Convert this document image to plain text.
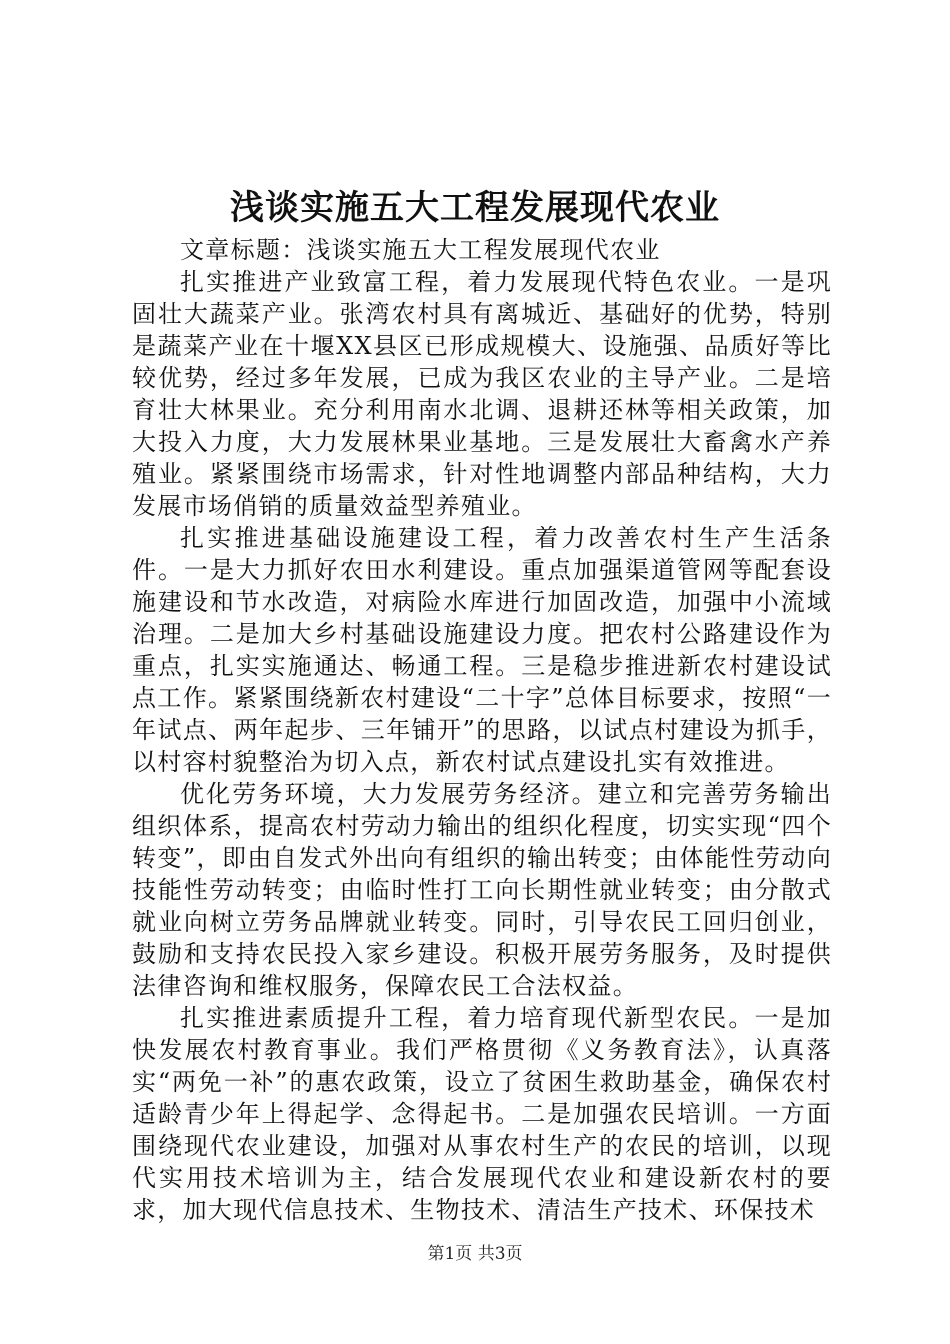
浅谈实施五大工程发展现代农业

文章标题：浅谈实施五大工程发展现代农业

扎实推进产业致富工程，着力发展现代特色农业。一是巩固壮大蔬菜产业。张湾农村具有离城近、基础好的优势，特别是蔬菜产业在十堰XX县区已形成规模大、设施强、品质好等比较优势，经过多年发展，已成为我区农业的主导产业。二是培育壮大林果业。充分利用南水北调、退耕还林等相关政策，加大投入力度，大力发展林果业基地。三是发展壮大畜禽水产养殖业。紧紧围绕市场需求，针对性地调整内部品种结构，大力发展市场俏销的质量效益型养殖业。

扎实推进基础设施建设工程，着力改善农村生产生活条件。一是大力抓好农田水利建设。重点加强渠道管网等配套设施建设和节水改造，对病险水库进行加固改造，加强中小流域治理。二是加大乡村基础设施建设力度。把农村公路建设作为重点，扎实实施通达、畅通工程。三是稳步推进新农村建设试点工作。紧紧围绕新农村建设“二十字”总体目标要求，按照“一年试点、两年起步、三年铺开”的思路，以试点村建设为抓手，以村容村貌整治为切入点，新农村试点建设扎实有效推进。

优化劳务环境，大力发展劳务经济。建立和完善劳务输出组织体系，提高农村劳动力输出的组织化程度，切实实现“四个转变”，即由自发式外出向有组织的输出转变；由体能性劳动向技能性劳动转变；由临时性打工向长期性就业转变；由分散式就业向树立劳务品牌就业转变。同时，引导农民工回归创业，鼓励和支持农民投入家乡建设。积极开展劳务服务，及时提供法律咨询和维权服务，保障农民工合法权益。

扎实推进素质提升工程，着力培育现代新型农民。一是加快发展农村教育事业。我们严格贯彻《义务教育法》，认真落实“两免一补”的惠农政策，设立了贫困生救助基金，确保农村适龄青少年上得起学、念得起书。二是加强农民培训。一方面围绕现代农业建设，加强对从事农村生产的农民的培训，以现代实用技术培训为主，结合发展现代农业和建设新农村的要求，加大现代信息技术、生物技术、清洁生产技术、环保技术

第1页 共3页
